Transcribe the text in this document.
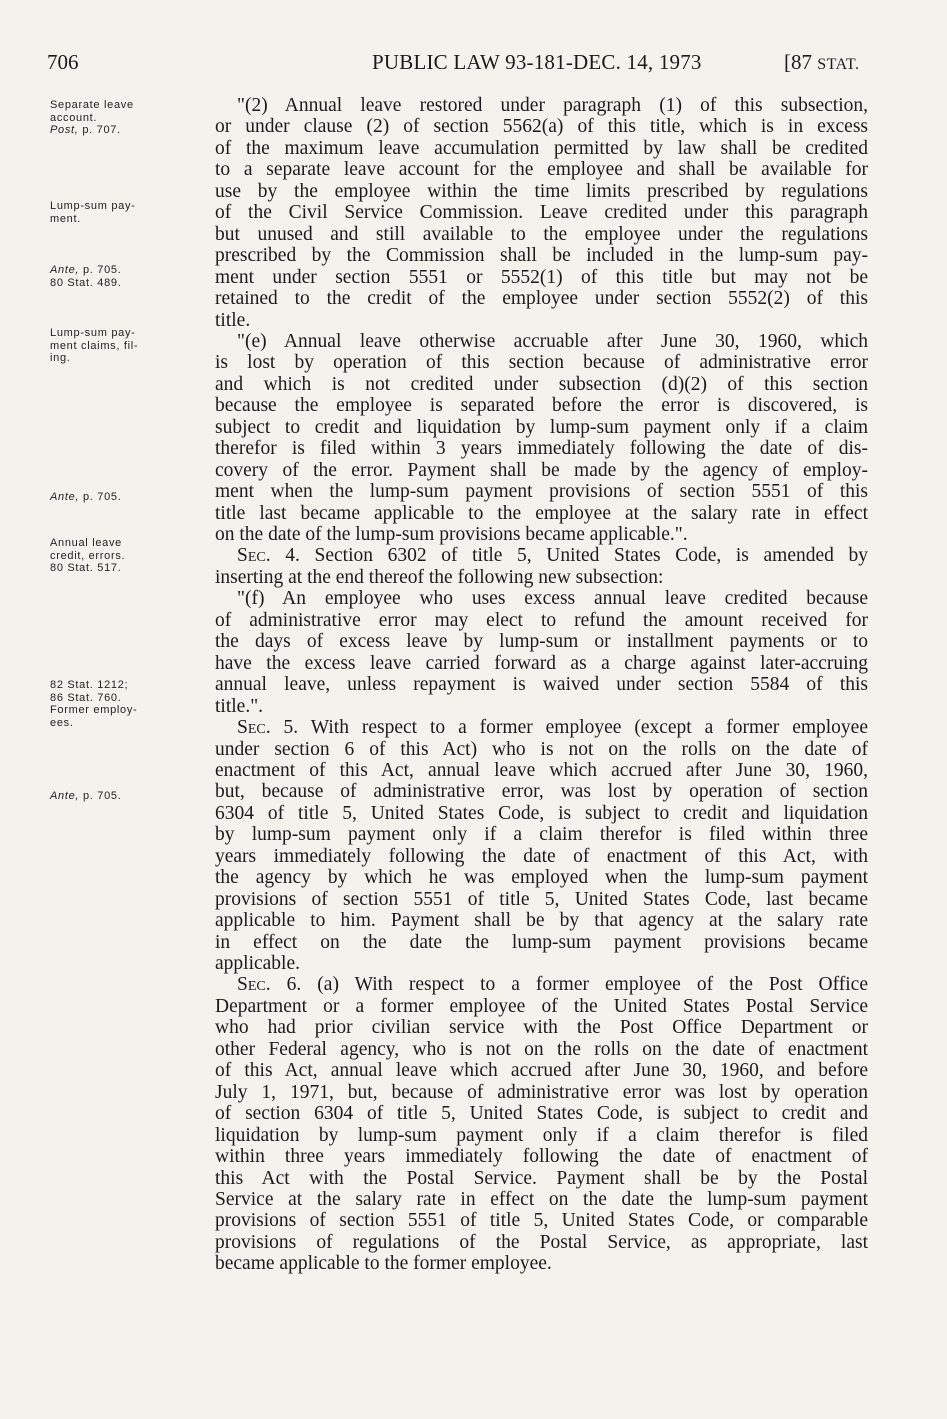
706	PUBLIC LAW 93-181-DEC. 14, 1973	[87 STAT.
Separate leave
account.
Post, p. 707.
Lump-sum pay-
ment.
Ante, p. 705.
80 Stat. 489.
Lump-sum pay-
ment claims, fil-
ing.
Ante, p. 705.
Annual leave
credit, errors.
80 Stat. 517.
82 Stat. 1212;
86 Stat. 760.
Former employ-
ees.
Ante, p. 705.
"(2) Annual leave restored under paragraph (1) of this subsection,
or under clause (2) of section 5562(a) of this title, which is in excess
of the maximum leave accumulation permitted by law shall be credited
to a separate leave account for the employee and shall be available for
use by the employee within the time limits prescribed by regulations
of the Civil Service Commission. Leave credited under this paragraph
but unused and still available to the employee under the regulations
prescribed by the Commission shall be included in the lump-sum pay-
ment under section 5551 or 5552(1) of this title but may not be
retained to the credit of the employee under section 5552(2) of this
title.
"(e) Annual leave otherwise accruable after June 30, 1960, which
is lost by operation of this section because of administrative error
and which is not credited under subsection (d)(2) of this section
because the employee is separated before the error is discovered, is
subject to credit and liquidation by lump-sum payment only if a claim
therefor is filed within 3 years immediately following the date of dis-
covery of the error. Payment shall be made by the agency of employ-
ment when the lump-sum payment provisions of section 5551 of this
title last became applicable to the employee at the salary rate in effect
on the date of the lump-sum provisions became applicable.".
Sec. 4. Section 6302 of title 5, United States Code, is amended by
inserting at the end thereof the following new subsection:
"(f) An employee who uses excess annual leave credited because
of administrative error may elect to refund the amount received for
the days of excess leave by lump-sum or installment payments or to
have the excess leave carried forward as a charge against later-accruing
annual leave, unless repayment is waived under section 5584 of this
title.".
Sec. 5. With respect to a former employee (except a former employee
under section 6 of this Act) who is not on the rolls on the date of
enactment of this Act, annual leave which accrued after June 30, 1960,
but, because of administrative error, was lost by operation of section
6304 of title 5, United States Code, is subject to credit and liquidation
by lump-sum payment only if a claim therefor is filed within three
years immediately following the date of enactment of this Act, with
the agency by which he was employed when the lump-sum payment
provisions of section 5551 of title 5, United States Code, last became
applicable to him. Payment shall be by that agency at the salary rate
in effect on the date the lump-sum payment provisions became
applicable.
Sec. 6. (a) With respect to a former employee of the Post Office
Department or a former employee of the United States Postal Service
who had prior civilian service with the Post Office Department or
other Federal agency, who is not on the rolls on the date of enactment
of this Act, annual leave which accrued after June 30, 1960, and before
July 1, 1971, but, because of administrative error was lost by operation
of section 6304 of title 5, United States Code, is subject to credit and
liquidation by lump-sum payment only if a claim therefor is filed
within three years immediately following the date of enactment of
this Act with the Postal Service. Payment shall be by the Postal
Service at the salary rate in effect on the date the lump-sum payment
provisions of section 5551 of title 5, United States Code, or comparable
provisions of regulations of the Postal Service, as appropriate, last
became applicable to the former employee.
